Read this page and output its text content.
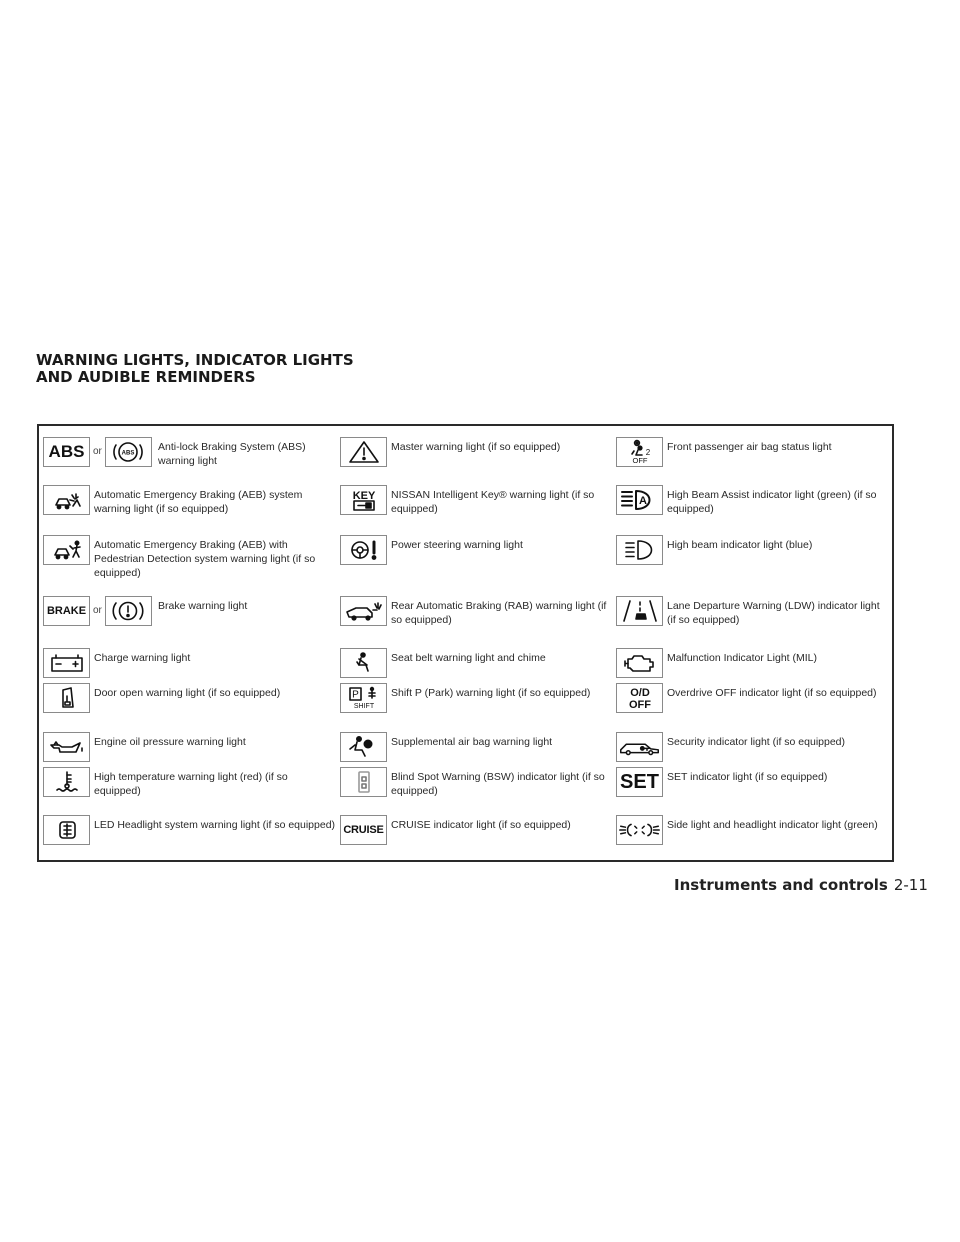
WARNING LIGHTS, INDICATOR LIGHTS
AND AUDIBLE REMINDERS
ABS or	ABS
Anti-lock Braking System (ABS) warning light
Automatic Emergency Braking (AEB) system warning light (if so equipped)
Automatic Emergency Braking (AEB) with Pedestrian Detection system warning light (if so equipped)
BRAKE or	Brake warning light
Charge warning light
Door open warning light (if so equipped)
Engine oil pressure warning light
High temperature warning light (red) (if so equipped)
LED Headlight system warning light (if so equipped)
Master warning light (if so equipped)
KEY NISSAN Intelligent Key® warning light (if so equipped)
Power steering warning light
Rear Automatic Braking (RAB) warning light (if so equipped)
Seat belt warning light and chime
P
SHIFT
Shift P (Park) warning light (if so equipped)
Supplemental air bag warning light
Blind Spot Warning (BSW) indicator light (if so equipped)
CRUISE CRUISE indicator light (if so equipped)
2
OFF
Front passenger air bag status light
A High Beam Assist indicator light (green) (if so equipped)
High beam indicator light (blue)
Lane Departure Warning (LDW) indicator light (if so equipped)
Malfunction Indicator Light (MIL)
O/D
OFF
Overdrive OFF indicator light (if so equipped)
Security indicator light (if so equipped)
SET SET indicator light (if so equipped)
Side light and headlight indicator light (green)
Instruments and controls 2-11
